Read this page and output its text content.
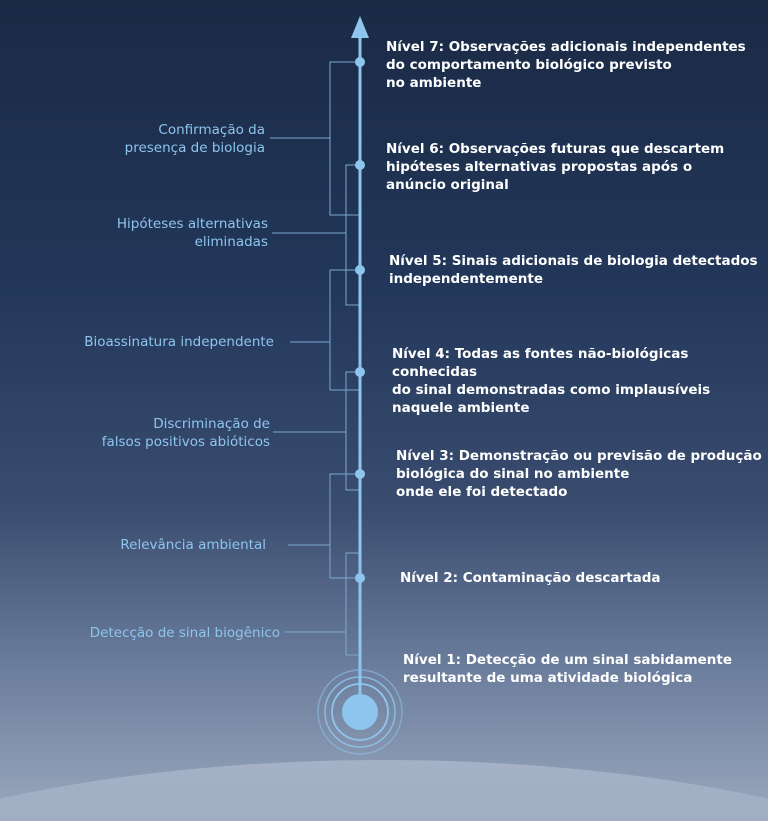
Nível 1: Detecção de um sinal sabidamente
resultante de uma atividade biológica
Nível 2: Contaminação descartada
Nível 3: Demonstração ou previsão de produção
biológica do sinal no ambiente
onde ele foi detectado
Nível 4: Todas as fontes não-biológicas conhecidas
do sinal demonstradas como implausíveis
naquele ambiente
Nível 5: Sinais adicionais de biologia detectados
independentemente
Nível 6: Observações futuras que descartem
hipóteses alternativas propostas após o
anúncio original
Nível 7: Observações adicionais independentes
do comportamento biológico previsto
no ambiente
Detecção de sinal biogênico
Relevância ambiental
Discriminação de
falsos positivos abióticos
Bioassinatura independente
Hipóteses alternativas
eliminadas
Confirmação da
presença de biologia
